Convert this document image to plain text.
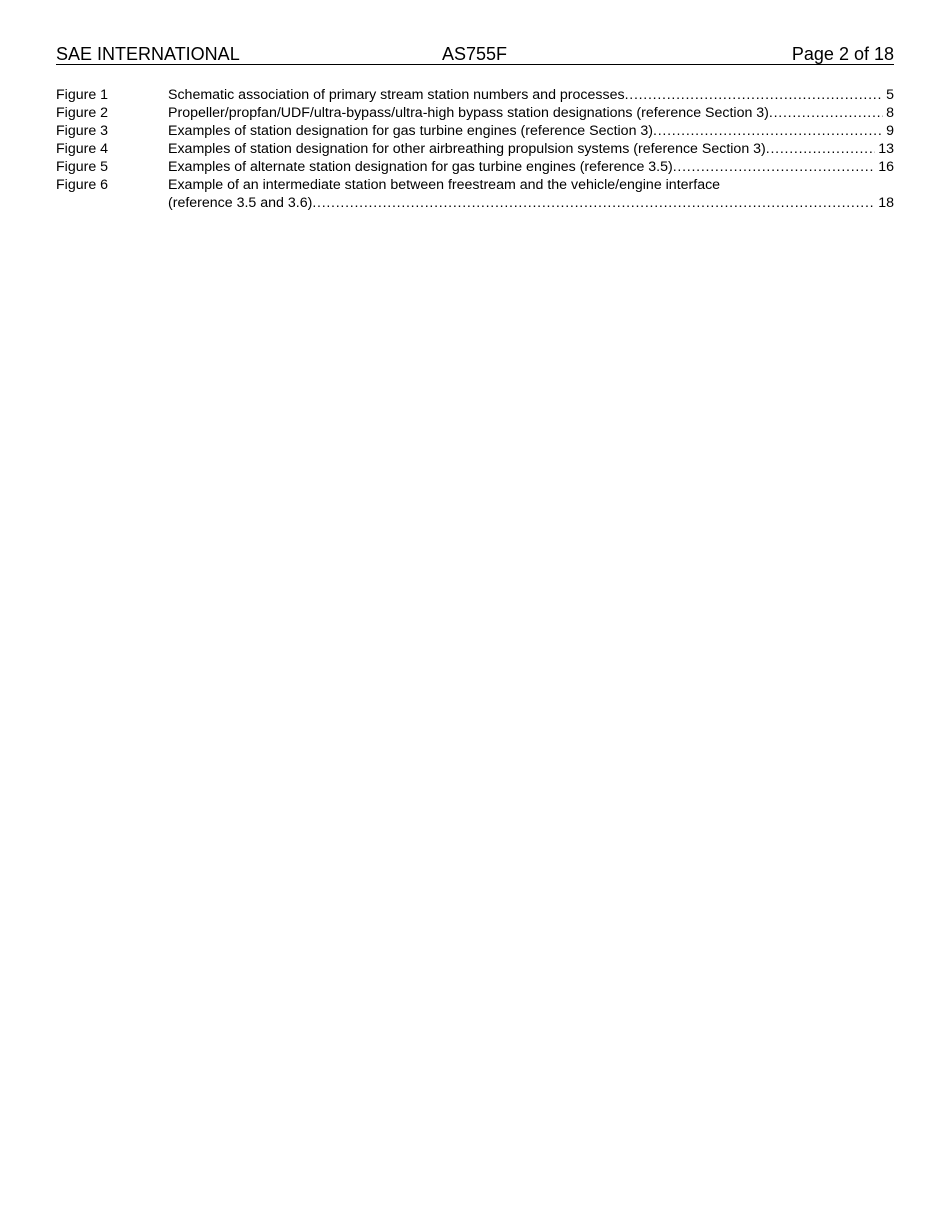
SAE INTERNATIONAL	AS755F	Page 2 of 18
Figure 1	Schematic association of primary stream station numbers and processes . . .	5
Figure 2	Propeller/propfan/UDF/ultra-bypass/ultra-high bypass station designations (reference Section 3) . . .	8
Figure 3	Examples of station designation for gas turbine engines (reference Section 3) . . .	9
Figure 4	Examples of station designation for other airbreathing propulsion systems (reference Section 3) . . .	13
Figure 5	Examples of alternate station designation for gas turbine engines (reference 3.5) . . .	16
Figure 6	Example of an intermediate station between freestream and the vehicle/engine interface
(reference 3.5 and 3.6) . . .	18
